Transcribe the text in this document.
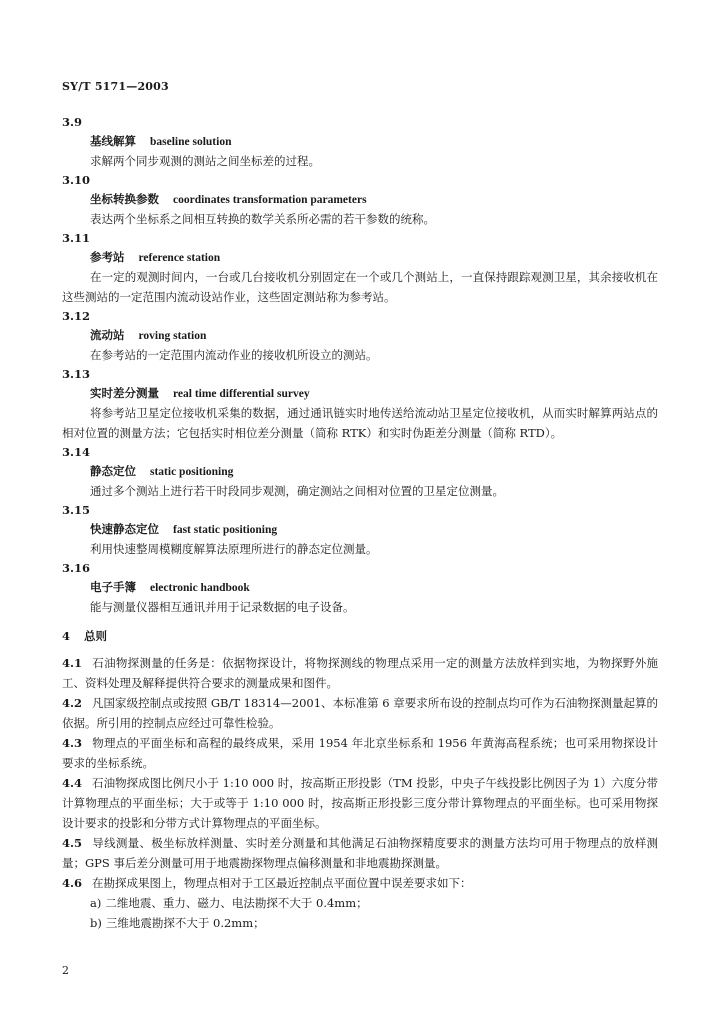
SY/T 5171—2003
3.9
基线解算 baseline solution
求解两个同步观测的测站之间坐标差的过程。
3.10
坐标转换参数 coordinates transformation parameters
表达两个坐标系之间相互转换的数学关系所必需的若干参数的统称。
3.11
参考站 reference station
在一定的观测时间内，一台或几台接收机分别固定在一个或几个测站上，一直保持跟踪观测卫星，其余接收机在这些测站的一定范围内流动设站作业，这些固定测站称为参考站。
3.12
流动站 roving station
在参考站的一定范围内流动作业的接收机所设立的测站。
3.13
实时差分测量 real time differential survey
将参考站卫星定位接收机采集的数据，通过通讯链实时地传送给流动站卫星定位接收机，从而实时解算两站点的相对位置的测量方法；它包括实时相位差分测量（简称 RTK）和实时伪距差分测量（简称 RTD）。
3.14
静态定位 static positioning
通过多个测站上进行若干时段同步观测，确定测站之间相对位置的卫星定位测量。
3.15
快速静态定位 fast static positioning
利用快速整周模糊度解算法原理所进行的静态定位测量。
3.16
电子手簿 electronic handbook
能与测量仪器相互通讯并用于记录数据的电子设备。
4 总则
4.1 石油物探测量的任务是：依据物探设计，将物探测线的物理点采用一定的测量方法放样到实地，为物探野外施工、资料处理及解释提供符合要求的测量成果和图件。
4.2 凡国家级控制点或按照 GB/T 18314—2001、本标准第 6 章要求所布设的控制点均可作为石油物探测量起算的依据。所引用的控制点应经过可靠性检验。
4.3 物理点的平面坐标和高程的最终成果，采用 1954 年北京坐标系和 1956 年黄海高程系统；也可采用物探设计要求的坐标系统。
4.4 石油物探成图比例尺小于 1:10 000 时，按高斯正形投影（TM 投影，中央子午线投影比例因子为 1）六度分带计算物理点的平面坐标；大于或等于 1:10 000 时，按高斯正形投影三度分带计算物理点的平面坐标。也可采用物探设计要求的投影和分带方式计算物理点的平面坐标。
4.5 导线测量、极坐标放样测量、实时差分测量和其他满足石油物探精度要求的测量方法均可用于物理点的放样测量；GPS 事后差分测量可用于地震勘探物理点偏移测量和非地震勘探测量。
4.6 在勘探成果图上，物理点相对于工区最近控制点平面位置中误差要求如下：
a) 二维地震、重力、磁力、电法勘探不大于 0.4mm；
b) 三维地震勘探不大于 0.2mm；
2
